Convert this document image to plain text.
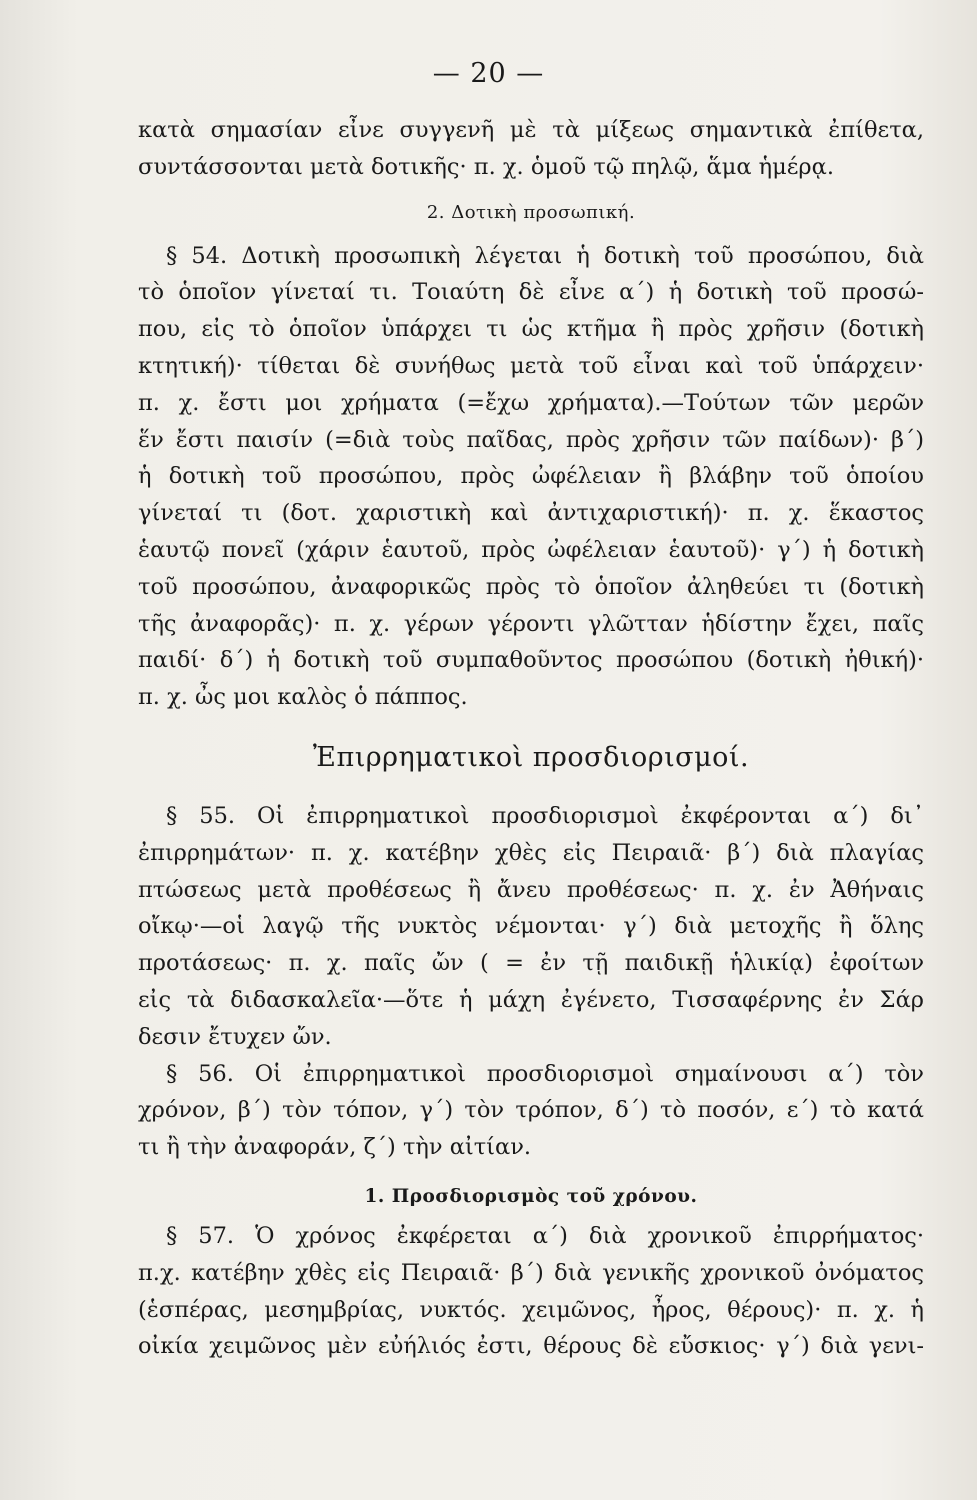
— 20 —
κατὰ σημασίαν εἶνε συγγενῆ μὲ τὰ μίξεως σημαντικὰ ἐπίθετα,
συντάσσονται μετὰ δοτικῆς· π. χ. ὁμοῦ τῷ πηλῷ, ἅμα ἡμέρᾳ.
2. Δοτικὴ προσωπική.
§ 54. Δοτικὴ προσωπικὴ λέγεται ἡ δοτικὴ τοῦ προσώπου, διὰ
τὸ ὁποῖον γίνεταί τι. Τοιαύτη δὲ εἶνε α΄) ἡ δοτικὴ τοῦ προσώ-
που, εἰς τὸ ὁποῖον ὑπάρχει τι ὡς κτῆμα ἢ πρὸς χρῆσιν (δοτικὴ
κτητική)· τίθεται δὲ συνήθως μετὰ τοῦ εἶναι καὶ τοῦ ὑπάρχειν·
π. χ. ἔστι μοι χρήματα (=ἔχω χρήματα).—Τούτων τῶν μερῶν
ἕν ἔστι παισίν (=διὰ τοὺς παῖδας, πρὸς χρῆσιν τῶν παίδων)· β΄)
ἡ δοτικὴ τοῦ προσώπου, πρὸς ὠφέλειαν ἢ βλάβην τοῦ ὁποίου
γίνεταί τι (δοτ. χαριστικὴ καὶ ἀντιχαριστική)· π. χ. ἕκαστος
ἑαυτῷ πονεῖ (χάριν ἑαυτοῦ, πρὸς ὠφέλειαν ἑαυτοῦ)· γ΄) ἡ δοτικὴ
τοῦ προσώπου, ἀναφορικῶς πρὸς τὸ ὁποῖον ἀληθεύει τι (δοτικὴ
τῆς ἀναφορᾶς)· π. χ. γέρων γέροντι γλῶτταν ἡδίστην ἔχει, παῖς
παιδί· δ΄) ἡ δοτικὴ τοῦ συμπαθοῦντος προσώπου (δοτικὴ ἠθική)·
π. χ. ὦς μοι καλὸς ὁ πάππος.
Ἐπιρρηματικοὶ προσδιορισμοί.
§ 55. Οἱ ἐπιρρηματικοὶ προσδιορισμοὶ ἐκφέρονται α΄) δι᾿
ἐπιρρημάτων· π. χ. κατέβην χθὲς εἰς Πειραιᾶ· β΄) διὰ πλαγίας
πτώσεως μετὰ προθέσεως ἢ ἄνευ προθέσεως· π. χ. ἐν Ἀθήναις
οἴκῳ·—οἱ λαγῷ τῆς νυκτὸς νέμονται· γ΄) διὰ μετοχῆς ἢ ὅλης
προτάσεως· π. χ. παῖς ὤν ( = ἐν τῇ παιδικῇ ἡλικίᾳ) ἐφοίτων
εἰς τὰ διδασκαλεῖα·—ὅτε ἡ μάχη ἐγένετο, Τισσαφέρνης ἐν Σάρ
δεσιν ἔτυχεν ὤν.
§ 56. Οἱ ἐπιρρηματικοὶ προσδιορισμοὶ σημαίνουσι α΄) τὸν
χρόνον, β΄) τὸν τόπον, γ΄) τὸν τρόπον, δ΄) τὸ ποσόν, ε΄) τὸ κατά
τι ἢ τὴν ἀναφοράν, ζ΄) τὴν αἰτίαν.
1. Προσδιορισμὸς τοῦ χρόνου.
§ 57. Ὁ χρόνος ἐκφέρεται α΄) διὰ χρονικοῦ ἐπιρρήματος·
π.χ. κατέβην χθὲς εἰς Πειραιᾶ· β΄) διὰ γενικῆς χρονικοῦ ὀνόματος
(ἑσπέρας, μεσημβρίας, νυκτός. χειμῶνος, ἦρος, θέρους)· π. χ. ἡ
οἰκία χειμῶνος μὲν εὐήλιός ἐστι, θέρους δὲ εὔσκιος· γ΄) διὰ γενι-
